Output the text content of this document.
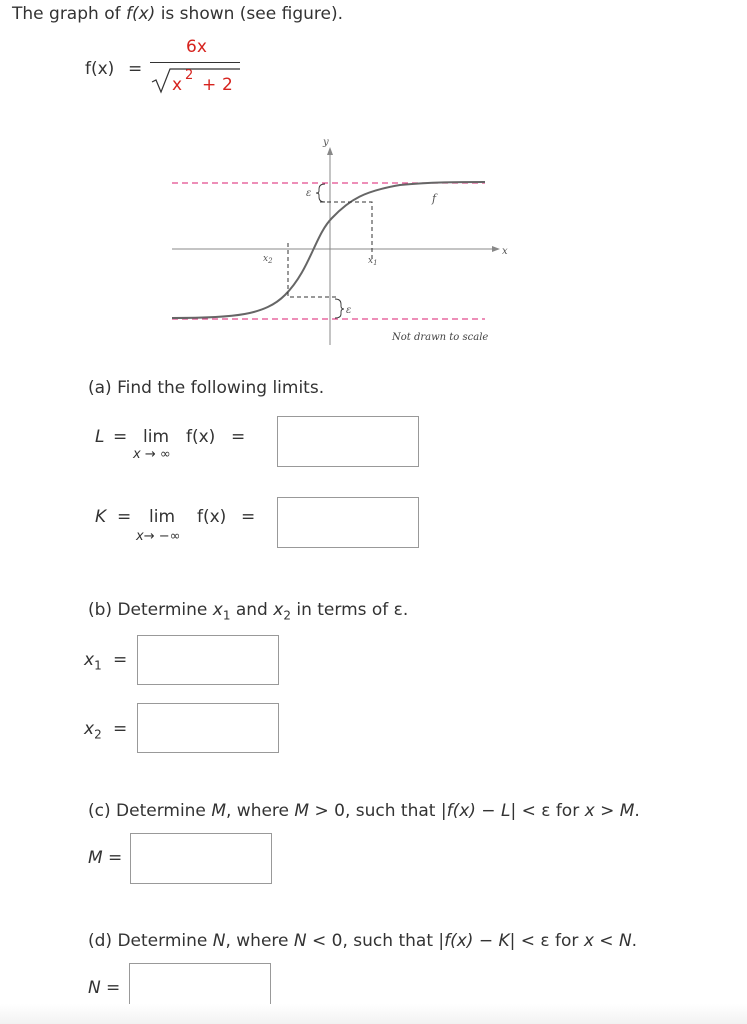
The graph of f(x) is shown (see figure).
f(x) =
6x
x 2 + 2
y
x
f
ε
ε
$x_1$
$x_2$
Not drawn to scale
(a) Find the following limits.
L = lim
x → ∞
f(x) =
K = lim
x→ −∞
f(x) =
(b) Determine $x_1$ and $x_2$ in terms of ε.
$x_1$ =
$x_2$ =
(c) Determine M, where M > 0, such that |f(x) − L| < ε for x > M.
M =
(d) Determine N, where N < 0, such that |f(x) − K| < ε for x < N.
N =
